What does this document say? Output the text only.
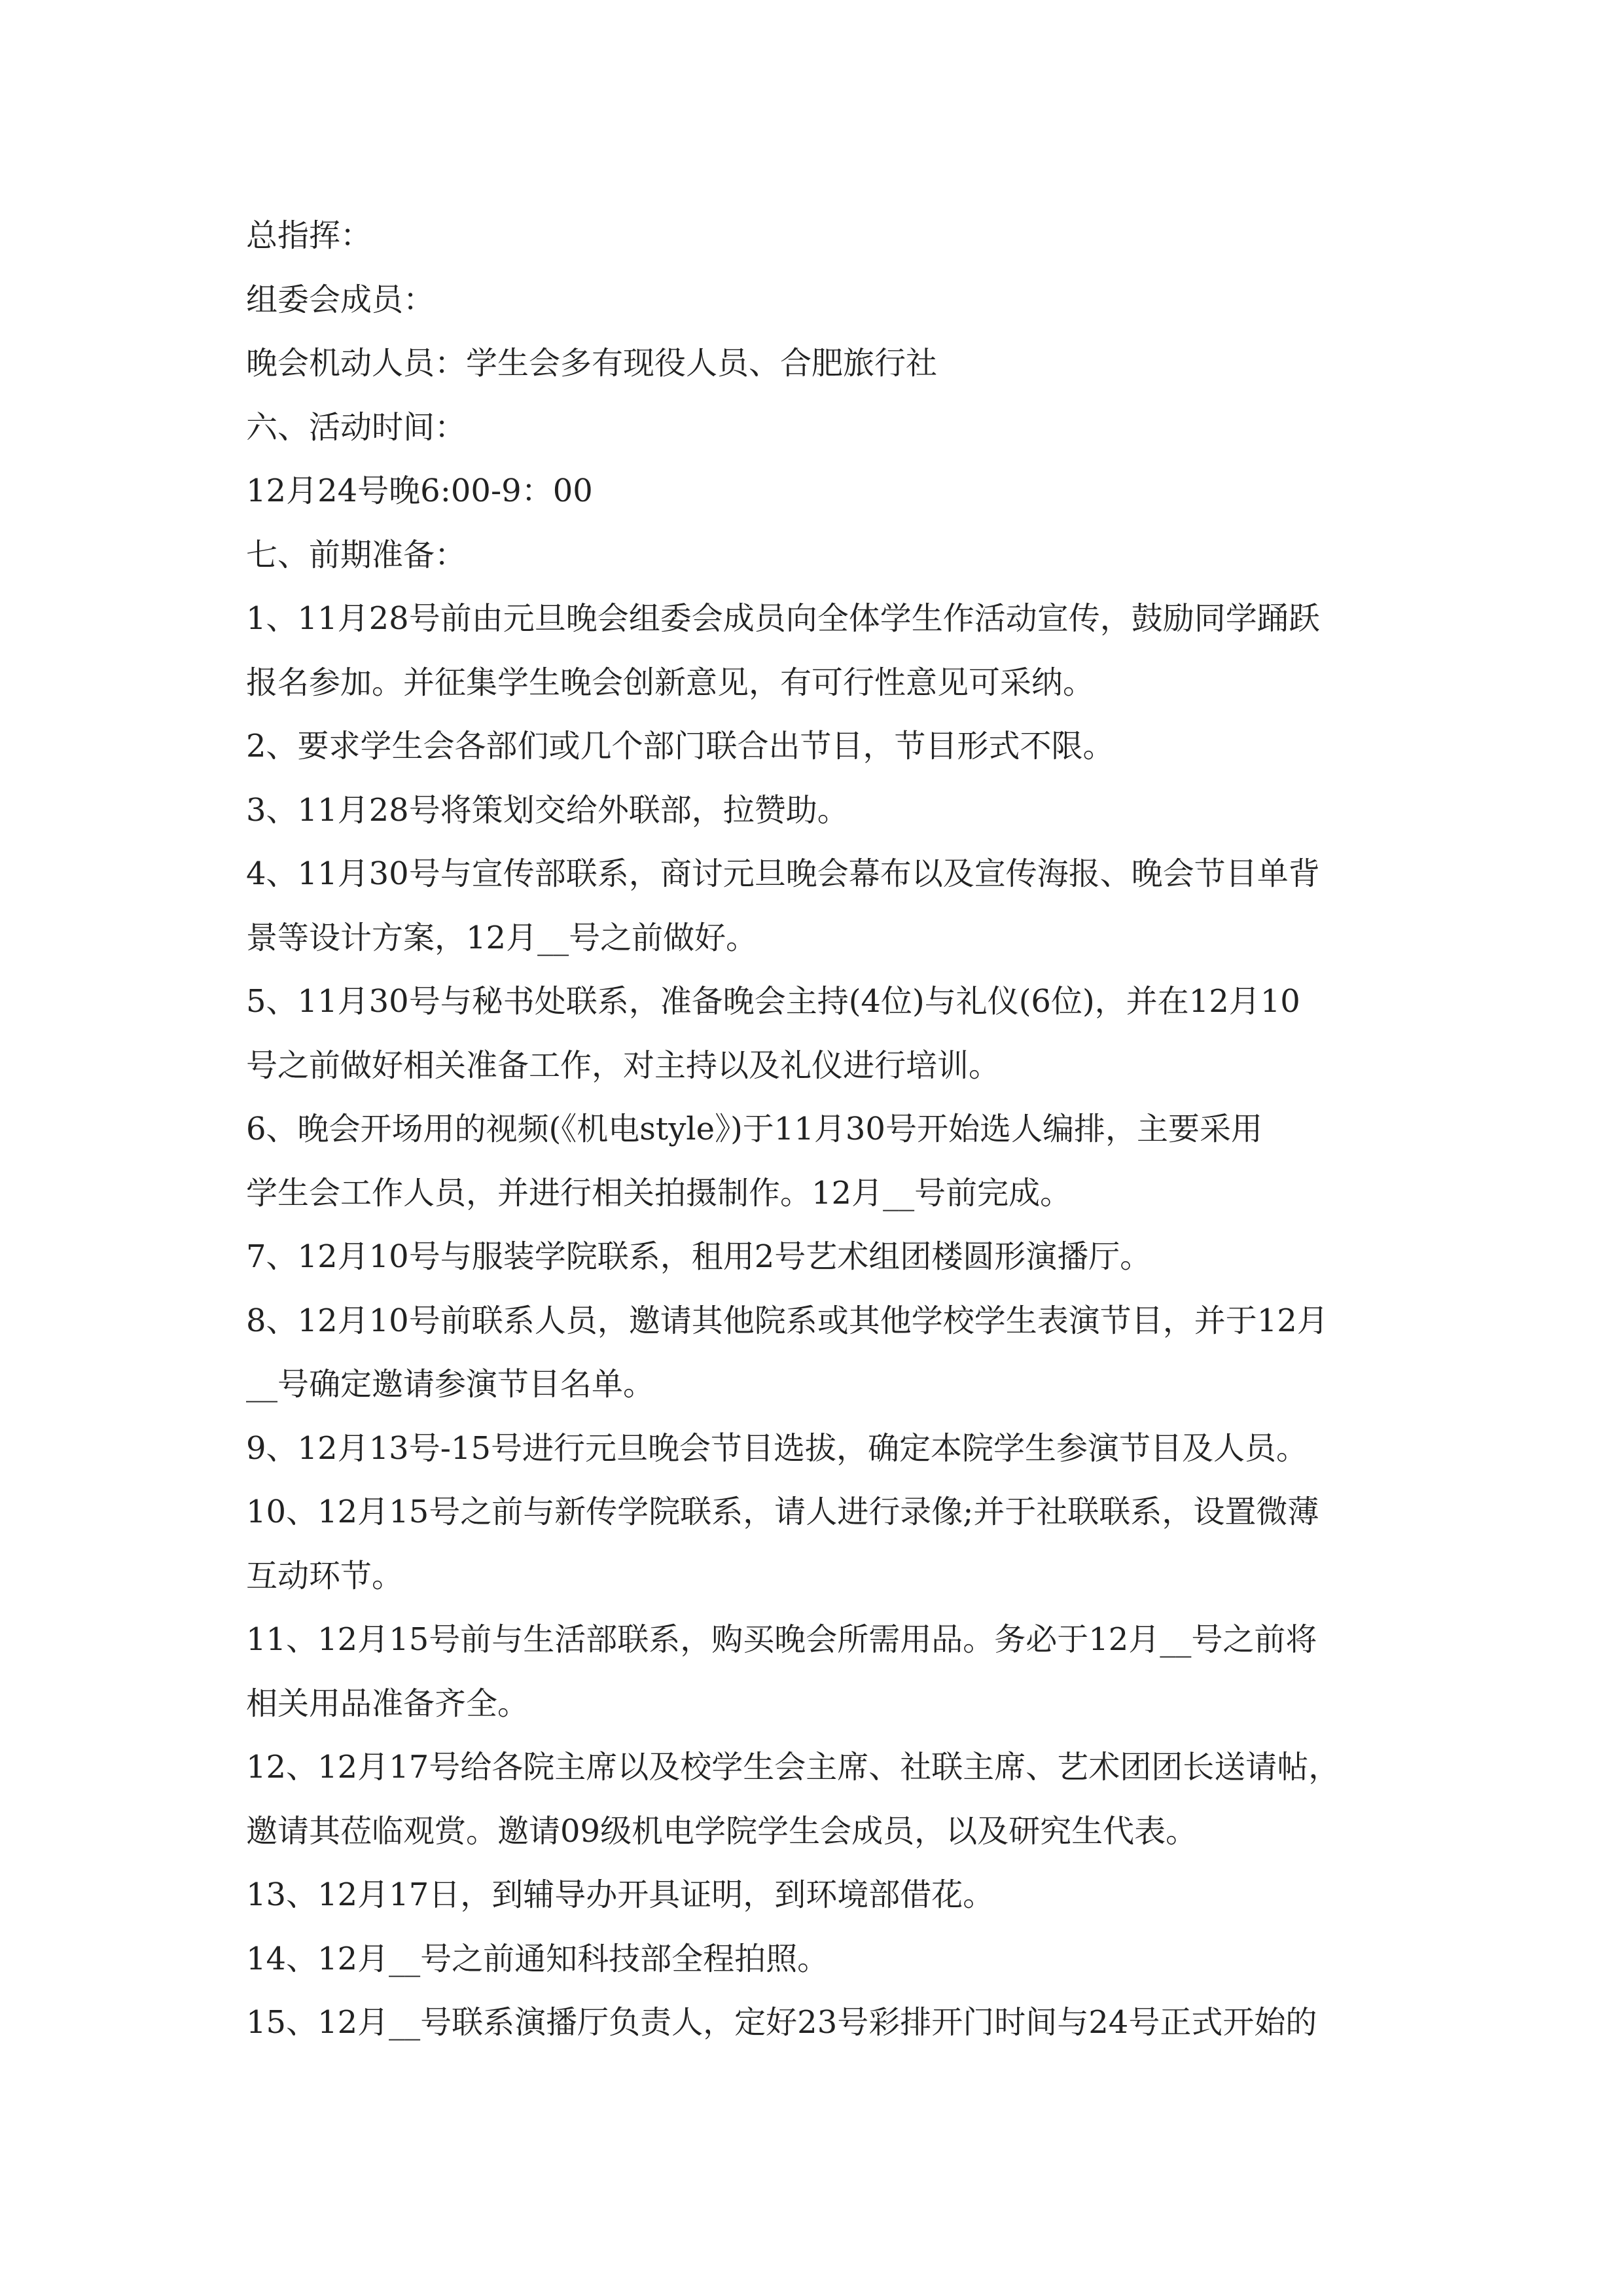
总指挥：
组委会成员：
晚会机动人员：学生会多有现役人员、合肥旅行社
六、活动时间：
12月24号晚6:00-9：00
七、前期准备：
1、11月28号前由元旦晚会组委会成员向全体学生作活动宣传，鼓励同学踊跃
报名参加。并征集学生晚会创新意见，有可行性意见可采纳。
2、要求学生会各部们或几个部门联合出节目，节目形式不限。
3、11月28号将策划交给外联部，拉赞助。
4、11月30号与宣传部联系，商讨元旦晚会幕布以及宣传海报、晚会节目单背
景等设计方案，12月__号之前做好。
5、11月30号与秘书处联系，准备晚会主持(4位)与礼仪(6位)，并在12月10
号之前做好相关准备工作，对主持以及礼仪进行培训。
6、晚会开场用的视频(《机电style》)于11月30号开始选人编排，主要采用
学生会工作人员，并进行相关拍摄制作。12月__号前完成。
7、12月10号与服装学院联系，租用2号艺术组团楼圆形演播厅。
8、12月10号前联系人员，邀请其他院系或其他学校学生表演节目，并于12月
__号确定邀请参演节目名单。
9、12月13号-15号进行元旦晚会节目选拔，确定本院学生参演节目及人员。
10、12月15号之前与新传学院联系，请人进行录像;并于社联联系，设置微薄
互动环节。
11、12月15号前与生活部联系，购买晚会所需用品。务必于12月__号之前将
相关用品准备齐全。
12、12月17号给各院主席以及校学生会主席、社联主席、艺术团团长送请帖，
邀请其莅临观赏。邀请09级机电学院学生会成员，以及研究生代表。
13、12月17日，到辅导办开具证明，到环境部借花。
14、12月__号之前通知科技部全程拍照。
15、12月__号联系演播厅负责人，定好23号彩排开门时间与24号正式开始的
